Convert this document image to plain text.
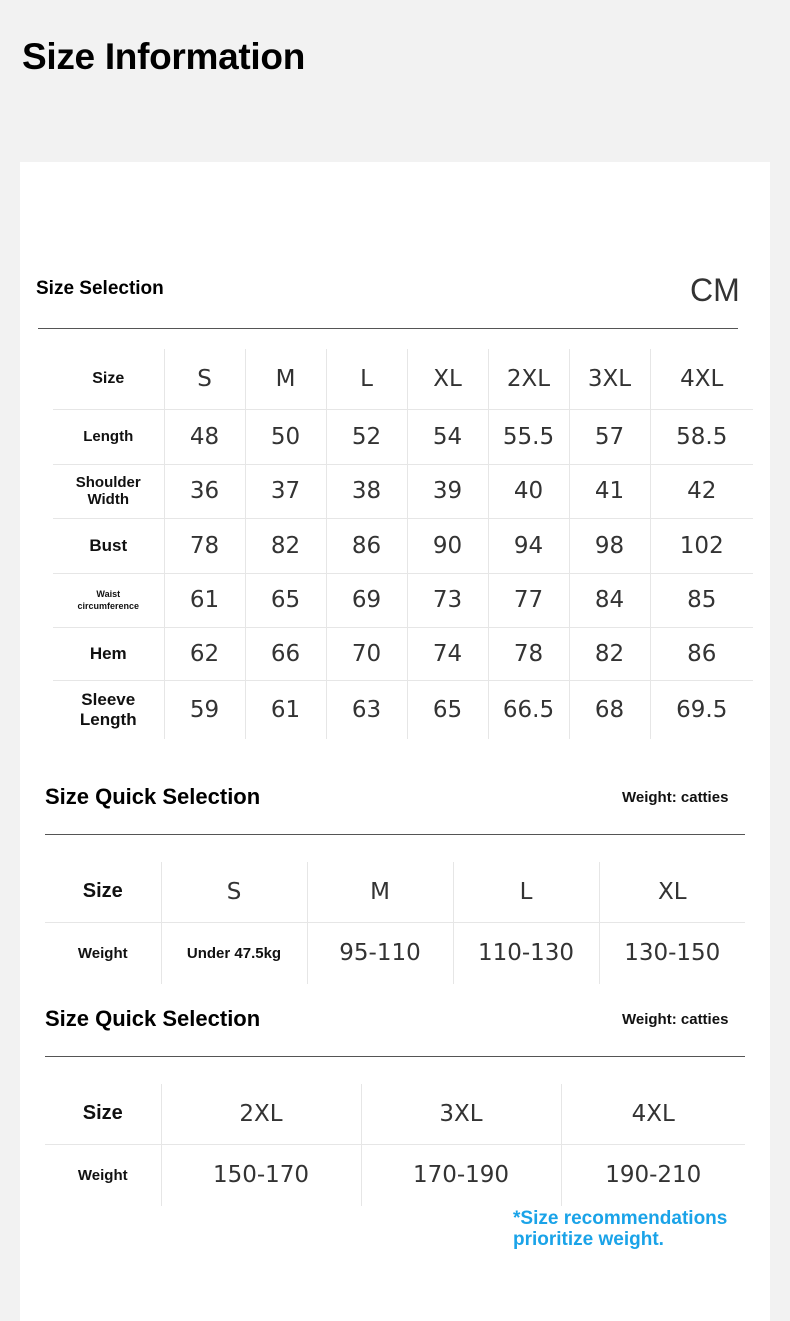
Size Information
Size Selection	CM
Size	S	M	L	XL	2XL	3XL	4XL
Length	48	50	52	54	55.5	57	58.5
Shoulder
Width	36	37	38	39	40	41	42
Bust	78	82	86	90	94	98	102
Waist
circumference	61	65	69	73	77	84	85
Hem	62	66	70	74	78	82	86
Sleeve
Length	59	61	63	65	66.5	68	69.5
Size Quick Selection	Weight: catties
Size	S	M	L	XL
Weight	Under 47.5kg	95-110	110-130	130-150
Size Quick Selection	Weight: catties
Size	2XL	3XL	4XL
Weight	150-170	170-190	190-210
*Size recommendations
prioritize weight.
